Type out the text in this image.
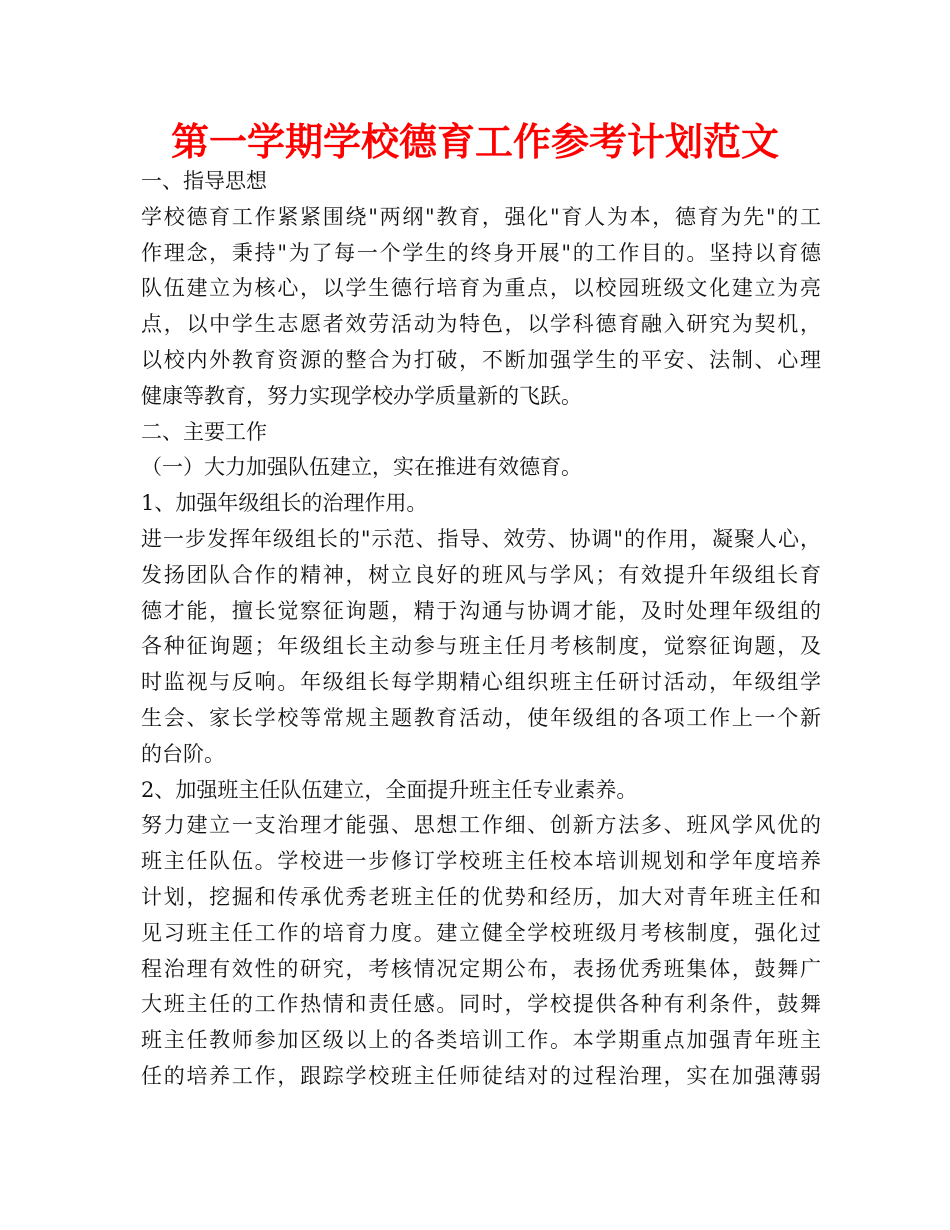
第一学期学校德育工作参考计划范文
一、指导思想
学校德育工作紧紧围绕"两纲"教育，强化"育人为本，德育为先"的工
作理念，秉持"为了每一个学生的终身开展"的工作目的。坚持以育德
队伍建立为核心，以学生德行培育为重点，以校园班级文化建立为亮
点，以中学生志愿者效劳活动为特色，以学科德育融入研究为契机，
以校内外教育资源的整合为打破，不断加强学生的平安、法制、心理
健康等教育，努力实现学校办学质量新的飞跃。
二、主要工作
（一）大力加强队伍建立，实在推进有效德育。
1、加强年级组长的治理作用。
进一步发挥年级组长的"示范、指导、效劳、协调"的作用，凝聚人心，
发扬团队合作的精神，树立良好的班风与学风；有效提升年级组长育
德才能，擅长觉察征询题，精于沟通与协调才能，及时处理年级组的
各种征询题；年级组长主动参与班主任月考核制度，觉察征询题，及
时监视与反响。年级组长每学期精心组织班主任研讨活动，年级组学
生会、家长学校等常规主题教育活动，使年级组的各项工作上一个新
的台阶。
2、加强班主任队伍建立，全面提升班主任专业素养。
努力建立一支治理才能强、思想工作细、创新方法多、班风学风优的
班主任队伍。学校进一步修订学校班主任校本培训规划和学年度培养
计划，挖掘和传承优秀老班主任的优势和经历，加大对青年班主任和
见习班主任工作的培育力度。建立健全学校班级月考核制度，强化过
程治理有效性的研究，考核情况定期公布，表扬优秀班集体，鼓舞广
大班主任的工作热情和责任感。同时，学校提供各种有利条件，鼓舞
班主任教师参加区级以上的各类培训工作。本学期重点加强青年班主
任的培养工作，跟踪学校班主任师徒结对的过程治理，实在加强薄弱
